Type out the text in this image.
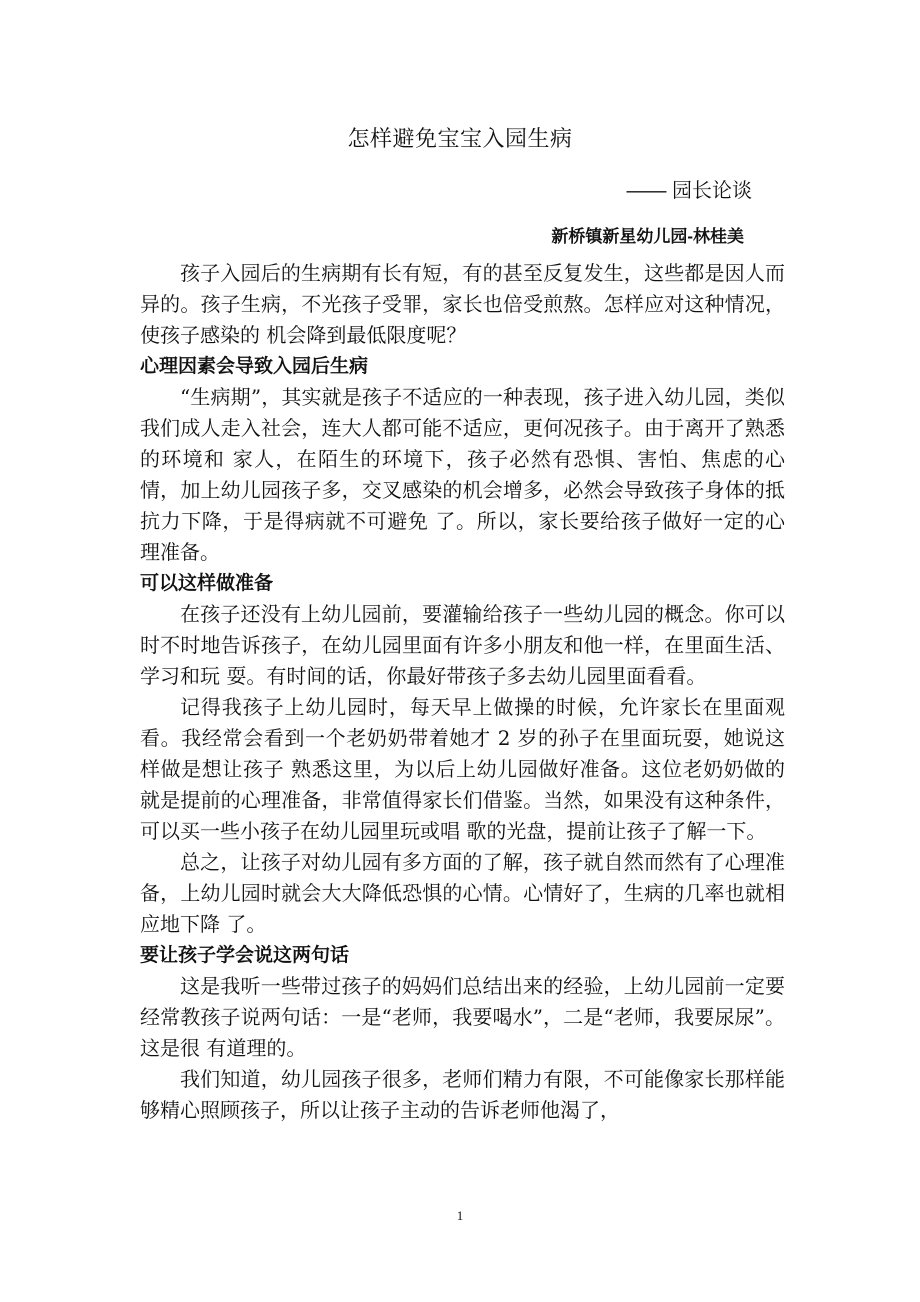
怎样避免宝宝入园生病
—— 园长论谈
新桥镇新星幼儿园-林桂美

孩子入园后的生病期有长有短，有的甚至反复发生，这些都是因人而异的。孩子生病，不光孩子受罪，家长也倍受煎熬。怎样应对这种情况，使孩子感染的 机会降到最低限度呢？

心理因素会导致入园后生病

“生病期”，其实就是孩子不适应的一种表现，孩子进入幼儿园，类似我们成人走入社会，连大人都可能不适应，更何况孩子。由于离开了熟悉的环境和 家人，在陌生的环境下，孩子必然有恐惧、害怕、焦虑的心情，加上幼儿园孩子多，交叉感染的机会增多，必然会导致孩子身体的抵抗力下降，于是得病就不可避免 了。所以，家长要给孩子做好一定的心理准备。

可以这样做准备

在孩子还没有上幼儿园前，要灌输给孩子一些幼儿园的概念。你可以时不时地告诉孩子，在幼儿园里面有许多小朋友和他一样，在里面生活、学习和玩 耍。有时间的话，你最好带孩子多去幼儿园里面看看。

记得我孩子上幼儿园时，每天早上做操的时候，允许家长在里面观看。我经常会看到一个老奶奶带着她才 2 岁的孙子在里面玩耍，她说这样做是想让孩子 熟悉这里，为以后上幼儿园做好准备。这位老奶奶做的就是提前的心理准备，非常值得家长们借鉴。当然，如果没有这种条件，可以买一些小孩子在幼儿园里玩或唱 歌的光盘，提前让孩子了解一下。

总之，让孩子对幼儿园有多方面的了解，孩子就自然而然有了心理准备，上幼儿园时就会大大降低恐惧的心情。心情好了，生病的几率也就相应地下降 了。

要让孩子学会说这两句话

这是我听一些带过孩子的妈妈们总结出来的经验，上幼儿园前一定要经常教孩子说两句话：一是“老师，我要喝水”，二是“老师，我要尿尿”。这是很 有道理的。

我们知道，幼儿园孩子很多，老师们精力有限，不可能像家长那样能够精心照顾孩子，所以让孩子主动的告诉老师他渴了，

1
